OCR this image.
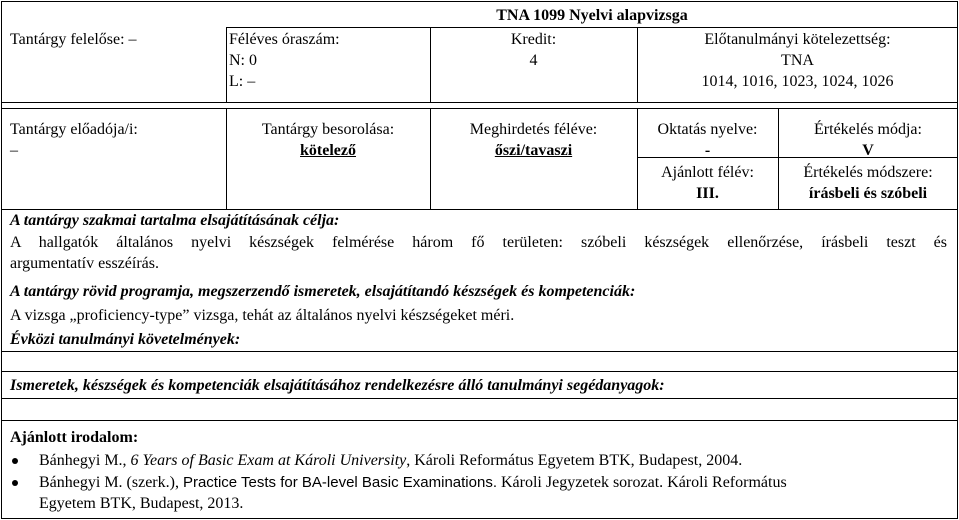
TNA 1099 Nyelvi alapvizsga
Tantárgy felelőse: –	Féléves óraszám:
N: 0
L: –
Kredit:
4
Előtanulmányi kötelezettség:
TNA
1014, 1016, 1023, 1024, 1026
Tantárgy előadója/i:
–
Tantárgy besorolása:
kötelező
Meghirdetés féléve:
őszi/tavaszi
Oktatás nyelve:
-
Ajánlott félév:
III.
Értékelés módja:
V
Értékelés módszere:
írásbeli és szóbeli
A tantárgy szakmai tartalma elsajátításának célja:
A hallgatók általános nyelvi készségek felmérése három fő területen: szóbeli készségek ellenőrzése, írásbeli teszt és
argumentatív esszéírás.
A tantárgy rövid programja, megszerzendő ismeretek, elsajátítandó készségek és kompetenciák:
A vizsga „proficiency-type” vizsga, tehát az általános nyelvi készségeket méri.
Évközi tanulmányi követelmények:
Ismeretek, készségek és kompetenciák elsajátításához rendelkezésre álló tanulmányi segédanyagok:
Ajánlott irodalom:
Bánhegyi M., 6 Years of Basic Exam at Károli University, Károli Református Egyetem BTK, Budapest, 2004.
Bánhegyi M. (szerk.), Practice Tests for BA-level Basic Examinations. Károli Jegyzetek sorozat. Károli Református
Egyetem BTK, Budapest, 2013.
